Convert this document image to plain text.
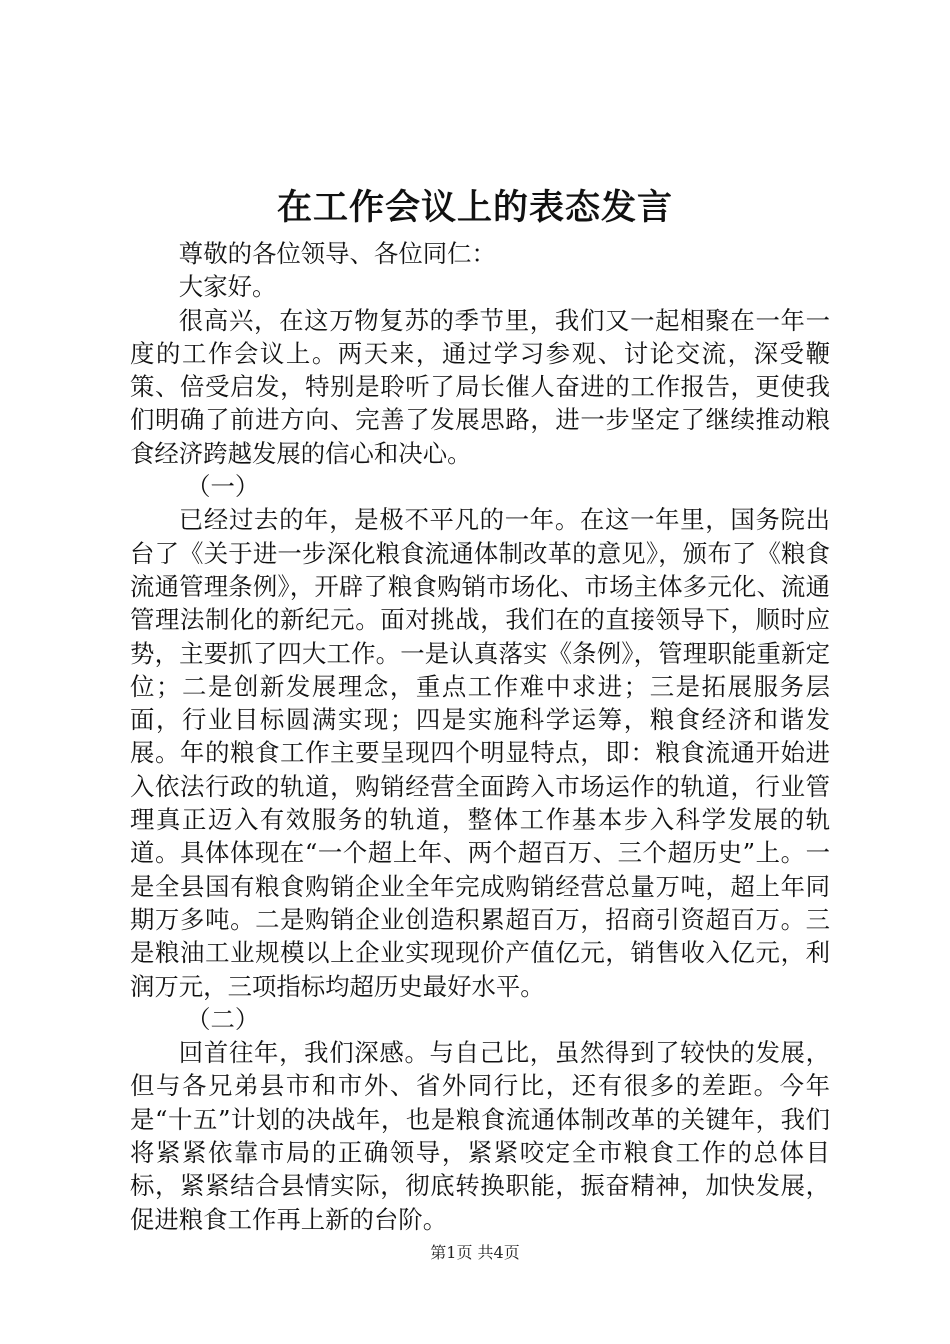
在工作会议上的表态发言

尊敬的各位领导、各位同仁：

大家好。

很高兴，在这万物复苏的季节里，我们又一起相聚在一年一度的工作会议上。两天来，通过学习参观、讨论交流，深受鞭策、倍受启发，特别是聆听了局长催人奋进的工作报告，更使我们明确了前进方向、完善了发展思路，进一步坚定了继续推动粮食经济跨越发展的信心和决心。

（一）

已经过去的年，是极不平凡的一年。在这一年里，国务院出台了《关于进一步深化粮食流通体制改革的意见》，颁布了《粮食流通管理条例》，开辟了粮食购销市场化、市场主体多元化、流通管理法制化的新纪元。面对挑战，我们在的直接领导下，顺时应势，主要抓了四大工作。一是认真落实《条例》，管理职能重新定位；二是创新发展理念，重点工作难中求进；三是拓展服务层面，行业目标圆满实现；四是实施科学运筹，粮食经济和谐发展。年的粮食工作主要呈现四个明显特点，即：粮食流通开始进入依法行政的轨道，购销经营全面跨入市场运作的轨道，行业管理真正迈入有效服务的轨道，整体工作基本步入科学发展的轨道。具体体现在“一个超上年、两个超百万、三个超历史”上。一是全县国有粮食购销企业全年完成购销经营总量万吨，超上年同期万多吨。二是购销企业创造积累超百万，招商引资超百万。三是粮油工业规模以上企业实现现价产值亿元，销售收入亿元，利润万元，三项指标均超历史最好水平。

（二）

回首往年，我们深感。与自己比，虽然得到了较快的发展，但与各兄弟县市和市外、省外同行比，还有很多的差距。今年是“十五”计划的决战年，也是粮食流通体制改革的关键年，我们将紧紧依靠市局的正确领导，紧紧咬定全市粮食工作的总体目标，紧紧结合县情实际，彻底转换职能，振奋精神，加快发展，促进粮食工作再上新的台阶。

第1页 共4页
